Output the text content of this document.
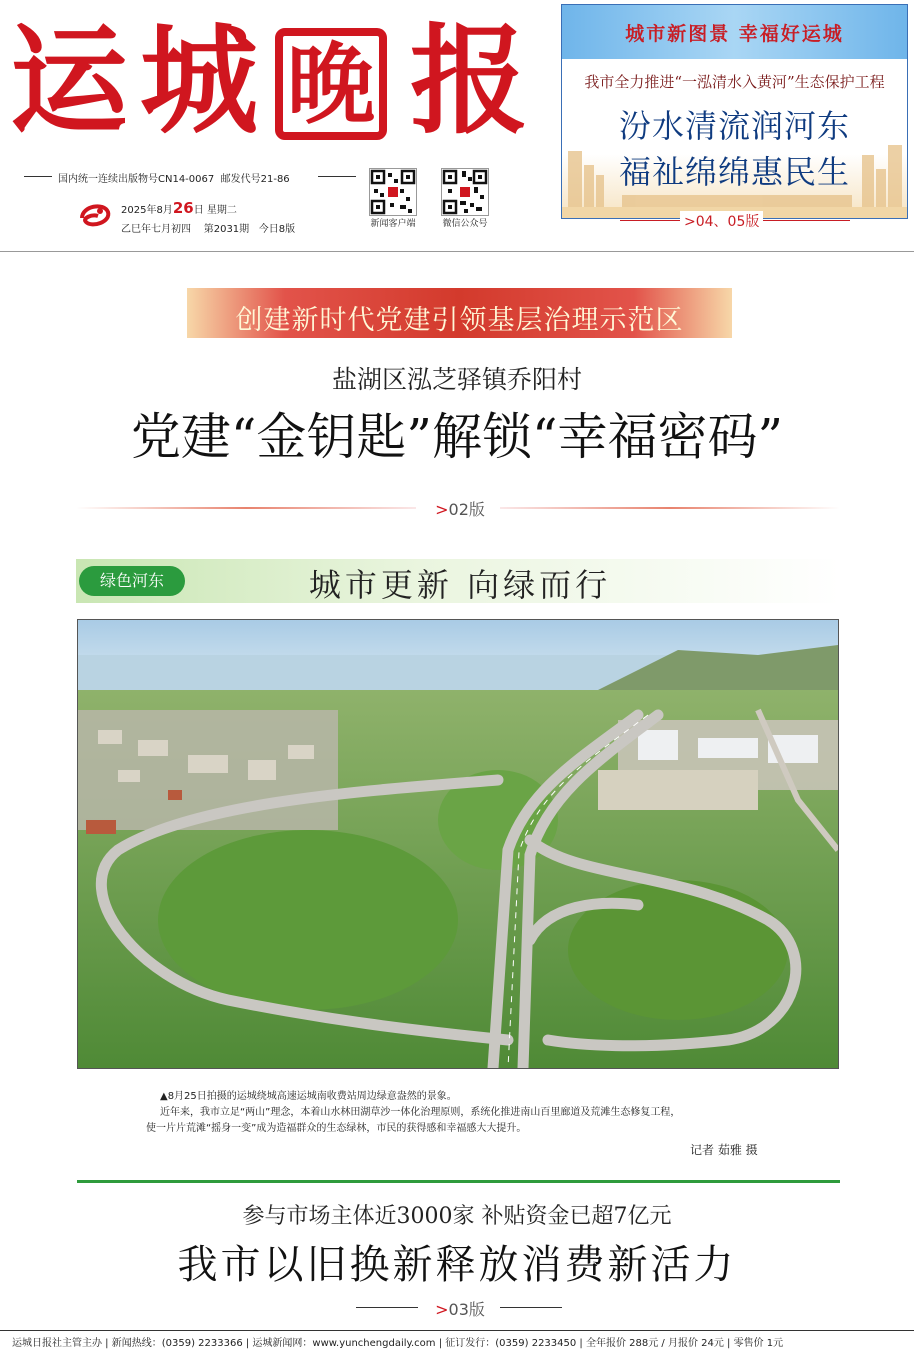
运 城 晚 报
国内统一连续出版物号CN14-0067 邮发代号21-86
2025年8月26日 星期二
乙巳年七月初四 第2031期 今日8版	新闻客户端	微信公众号
城市新图景 幸福好运城
我市全力推进“一泓清水入黄河”生态保护工程
汾水清流润河东
福祉绵绵惠民生
>04、05版
创建新时代党建引领基层治理示范区
盐湖区泓芝驿镇乔阳村
党建“金钥匙”解锁“幸福密码”
>02版
绿色河东	城市更新 向绿而行
▲8月25日拍摄的运城绕城高速运城南收费站周边绿意盎然的景象。
近年来，我市立足“两山”理念，本着山水林田湖草沙一体化治理原则，系统化推进南山百里廊道及荒滩生态修复工程，
使一片片荒滩“摇身一变”成为造福群众的生态绿林，市民的获得感和幸福感大大提升。
记者 茹雅 摄
参与市场主体近3000家 补贴资金已超7亿元
我市以旧换新释放消费新活力
>03版
运城日报社主管主办 | 新闻热线：(0359) 2233366 | 运城新闻网：www.yunchengdaily.com | 征订发行：(0359) 2233450 | 全年报价 288元 / 月报价 24元 | 零售价 1元
